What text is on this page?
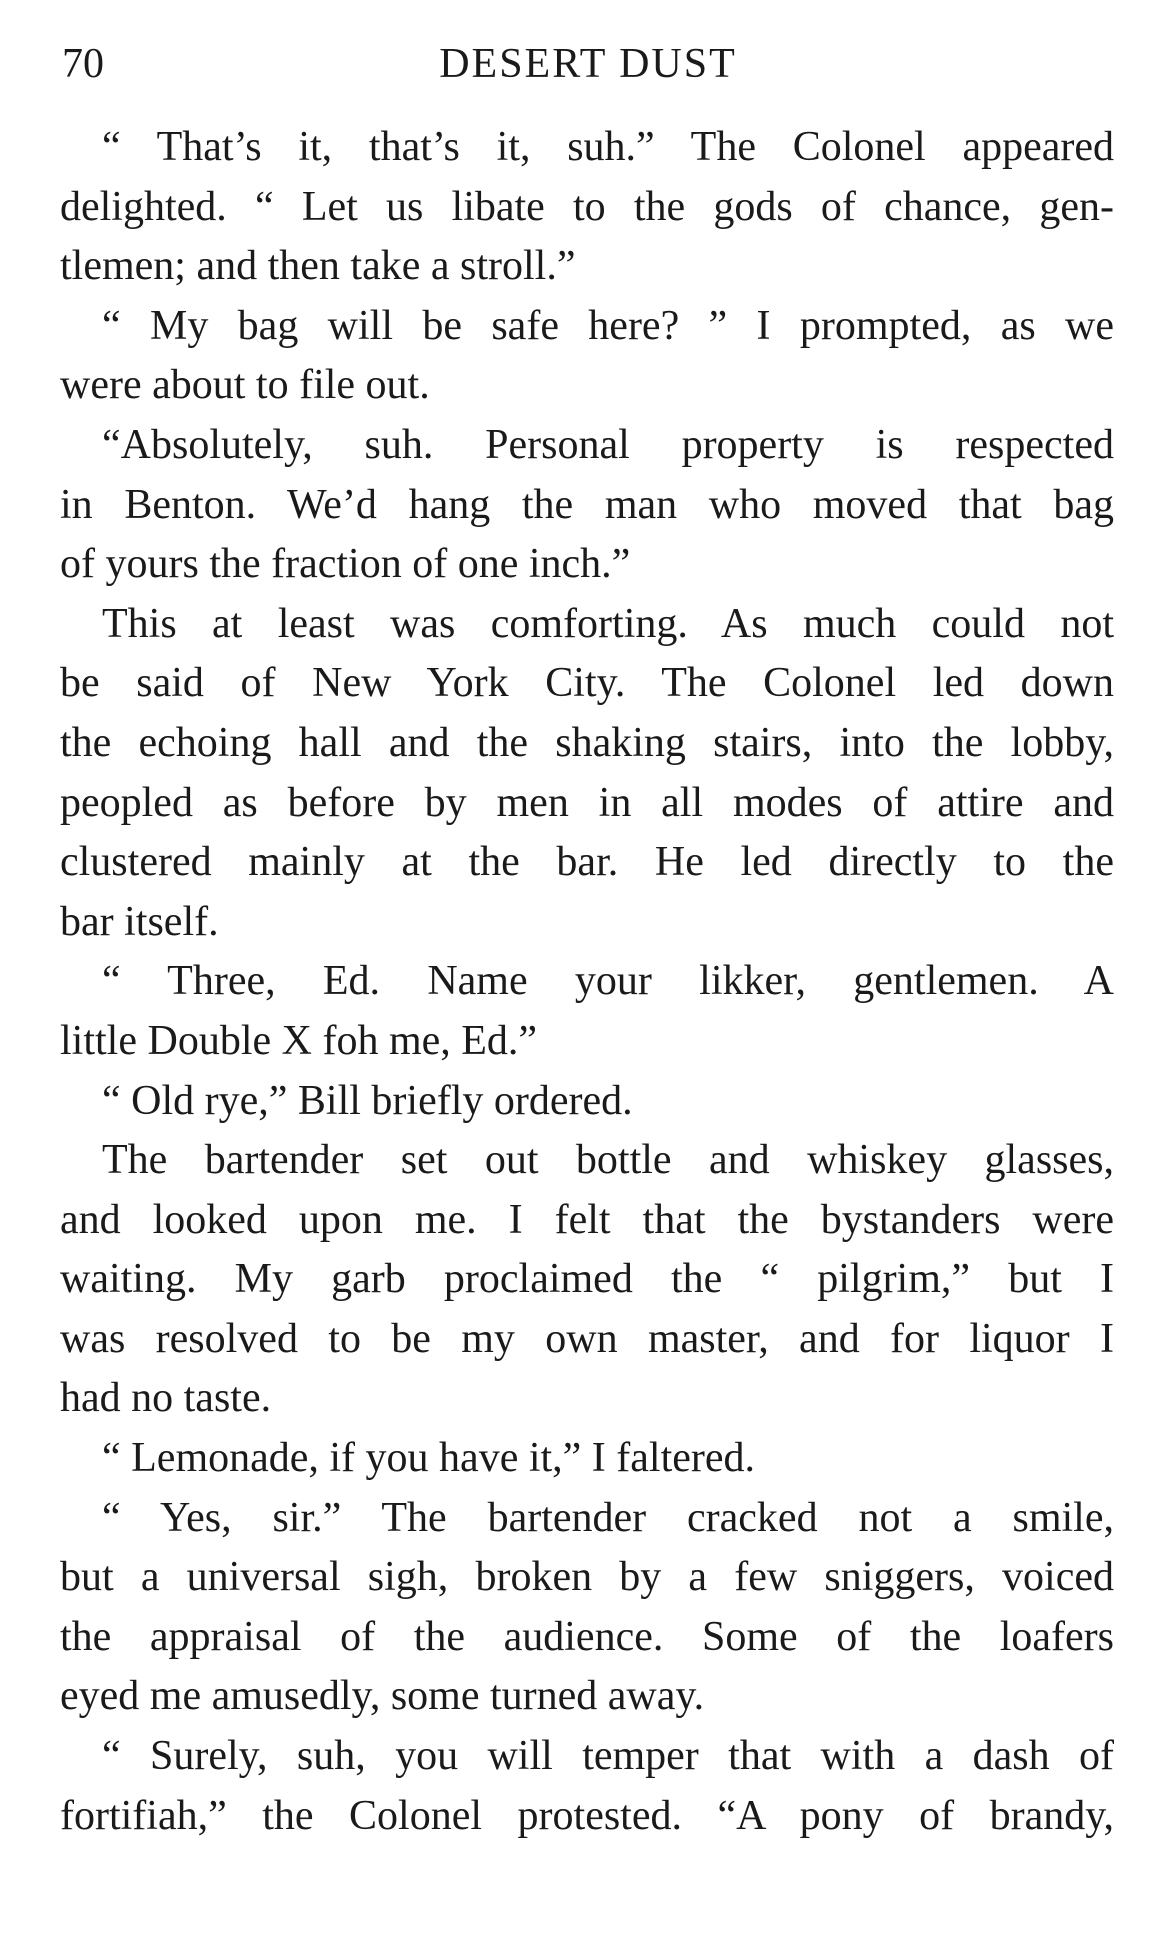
70	DESERT DUST
“ That’s it, that’s it, suh.” The Colonel appeared
delighted. “ Let us libate to the gods of chance, gen-
tlemen; and then take a stroll.”
“ My bag will be safe here? ” I prompted, as we
were about to file out.
“Absolutely, suh. Personal property is respected
in Benton. We’d hang the man who moved that bag
of yours the fraction of one inch.”
This at least was comforting. As much could not
be said of New York City. The Colonel led down
the echoing hall and the shaking stairs, into the lobby,
peopled as before by men in all modes of attire and
clustered mainly at the bar. He led directly to the
bar itself.
“ Three, Ed. Name your likker, gentlemen. A
little Double X foh me, Ed.”
“ Old rye,” Bill briefly ordered.
The bartender set out bottle and whiskey glasses,
and looked upon me. I felt that the bystanders were
waiting. My garb proclaimed the “ pilgrim,” but I
was resolved to be my own master, and for liquor I
had no taste.
“ Lemonade, if you have it,” I faltered.
“ Yes, sir.” The bartender cracked not a smile,
but a universal sigh, broken by a few sniggers, voiced
the appraisal of the audience. Some of the loafers
eyed me amusedly, some turned away.
“ Surely, suh, you will temper that with a dash of
fortifiah,” the Colonel protested. “A pony of brandy,
